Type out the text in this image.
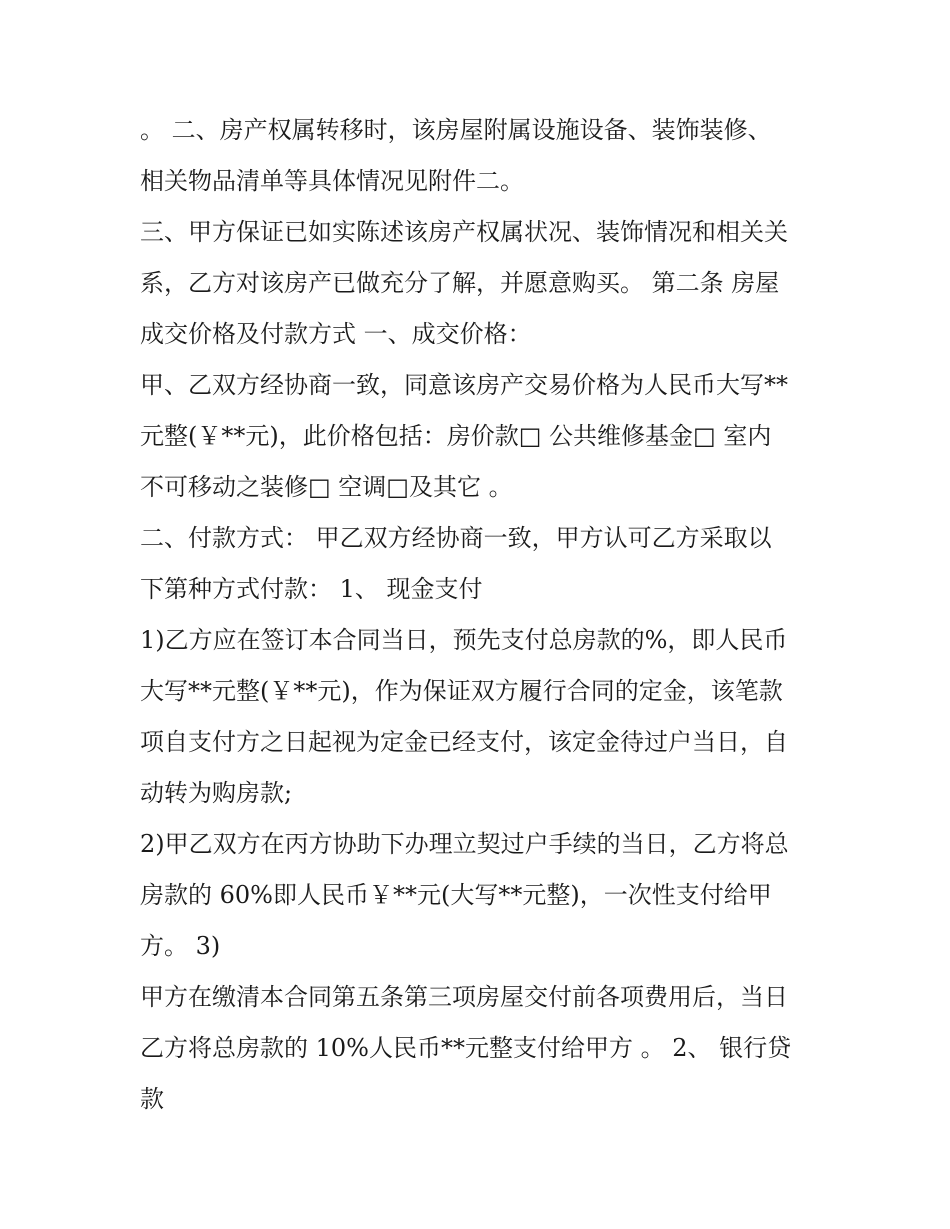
。 二、房产权属转移时，该房屋附属设施设备、装饰装修、
相关物品清单等具体情况见附件二。
三、甲方保证已如实陈述该房产权属状况、装饰情况和相关关
系，乙方对该房产已做充分了解，并愿意购买。 第二条 房屋
成交价格及付款方式 一、成交价格：
甲、乙双方经协商一致，同意该房产交易价格为人民币大写**
元整(￥**元)，此价格包括：房价款□ 公共维修基金□ 室内
不可移动之装修□ 空调□及其它 。
二、付款方式： 甲乙双方经协商一致，甲方认可乙方采取以
下第种方式付款： 1、 现金支付
1)乙方应在签订本合同当日，预先支付总房款的%，即人民币
大写**元整(￥**元)，作为保证双方履行合同的定金，该笔款
项自支付方之日起视为定金已经支付，该定金待过户当日，自
动转为购房款;
2)甲乙双方在丙方协助下办理立契过户手续的当日，乙方将总
房款的 60%即人民币￥**元(大写**元整)，一次性支付给甲
方。 3)
甲方在缴清本合同第五条第三项房屋交付前各项费用后，当日
乙方将总房款的 10%人民币**元整支付给甲方 。 2、 银行贷
款
